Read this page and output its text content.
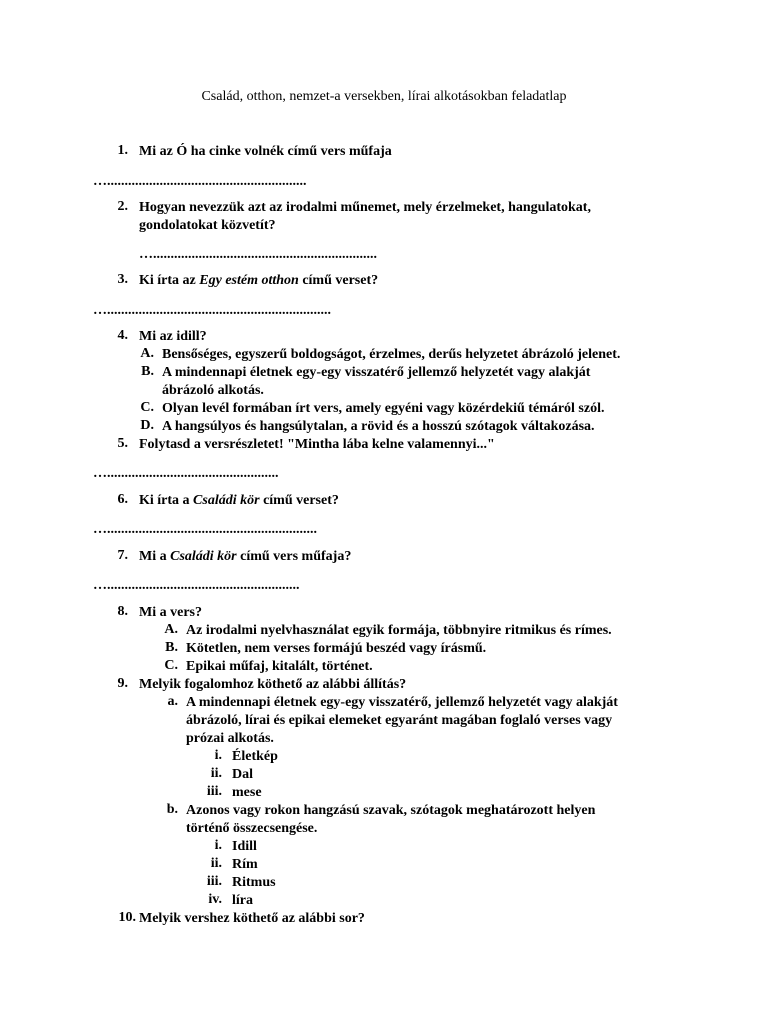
Család, otthon, nemzet-a versekben, lírai alkotásokban feladatlap
1. Mi az Ó ha cinke volnék című vers műfaja
….........................................................
2. Hogyan nevezzük azt az irodalmi műnemet, mely érzelmeket, hangulatokat,
gondolatokat közvetít?
…................................................................
3. Ki írta az Egy estém otthon című verset?
…................................................................
4. Mi az idill?
A. Bensőséges, egyszerű boldogságot, érzelmes, derűs helyzetet ábrázoló jelenet.
B. A mindennapi életnek egy-egy visszatérő jellemző helyzetét vagy alakját
ábrázoló alkotás.
C. Olyan levél formában írt vers, amely egyéni vagy közérdekiű témáról szól.
D. A hangsúlyos és hangsúlytalan, a rövid és a hosszú szótagok váltakozása.
5. Folytasd a versrészletet! "Mintha lába kelne valamennyi..."
….................................................
6. Ki írta a Családi kör című verset?
…............................................................
7. Mi a Családi kör című vers műfaja?
….......................................................
8. Mi a vers?
A. Az irodalmi nyelvhasználat egyik formája, többnyire ritmikus és rímes.
B. Kötetlen, nem verses formájú beszéd vagy írásmű.
C. Epikai műfaj, kitalált, történet.
9. Melyik fogalomhoz köthető az alábbi állítás?
a. A mindennapi életnek egy-egy visszatérő, jellemző helyzetét vagy alakját
ábrázoló, lírai és epikai elemeket egyaránt magában foglaló verses vagy
prózai alkotás.
i. Életkép
ii. Dal
iii. mese
b. Azonos vagy rokon hangzású szavak, szótagok meghatározott helyen
történő összecsengése.
i. Idill
ii. Rím
iii. Ritmus
iv. líra
10. Melyik vershez köthető az alábbi sor?
